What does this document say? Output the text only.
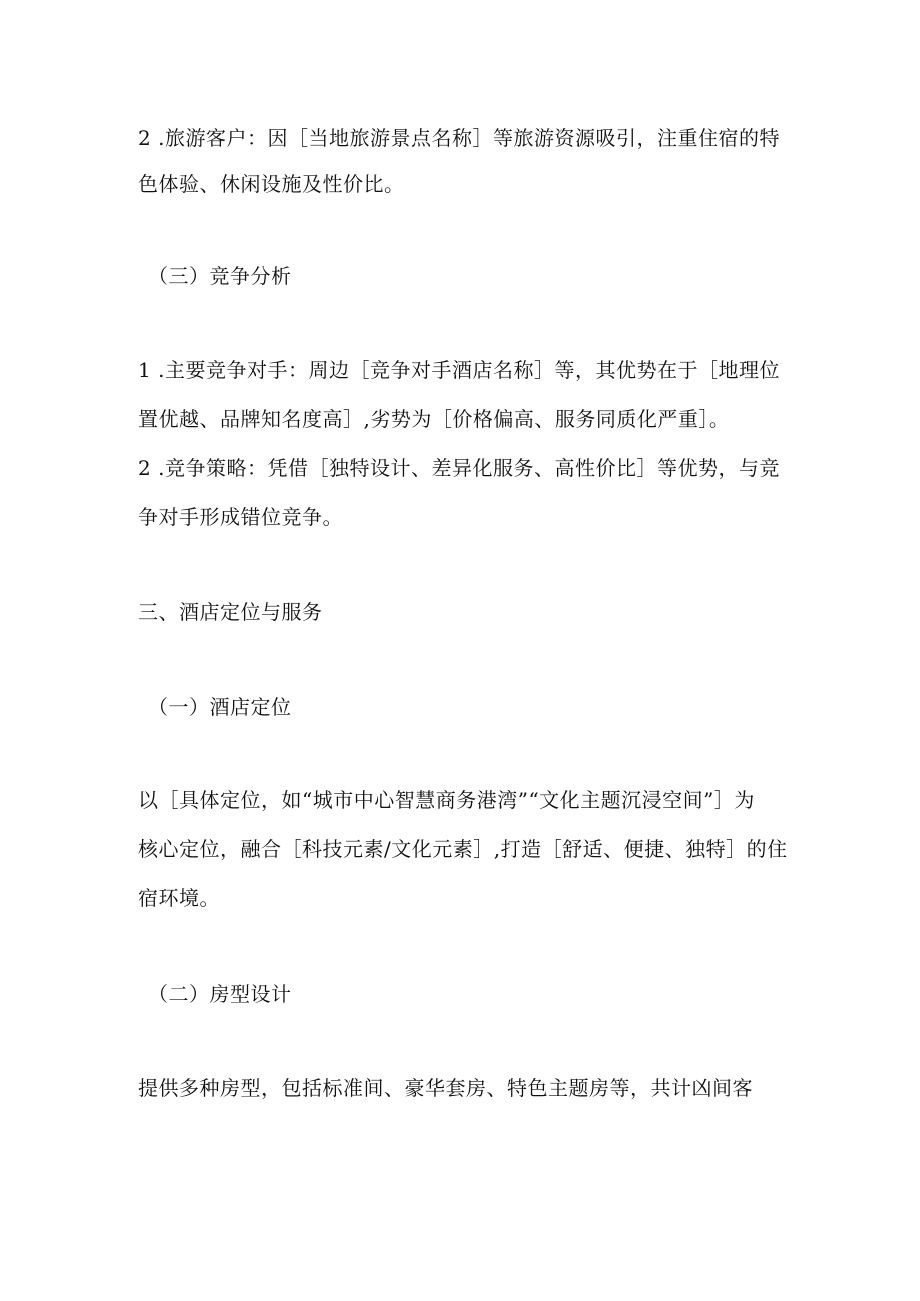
2 .旅游客户：因［当地旅游景点名称］等旅游资源吸引，注重住宿的特
色体验、休闲设施及性价比。
（三）竞争分析
1 .主要竞争对手：周边［竞争对手酒店名称］等，其优势在于［地理位
置优越、品牌知名度高］,劣势为［价格偏高、服务同质化严重］。
2 .竞争策略：凭借［独特设计、差异化服务、高性价比］等优势，与竞
争对手形成错位竞争。
三、酒店定位与服务
（一）酒店定位
以［具体定位，如“城市中心智慧商务港湾”“文化主题沉浸空间”］为
核心定位，融合［科技元素/文化元素］,打造［舒适、便捷、独特］的住
宿环境。
（二）房型设计
提供多种房型，包括标准间、豪华套房、特色主题房等，共计凶间客
